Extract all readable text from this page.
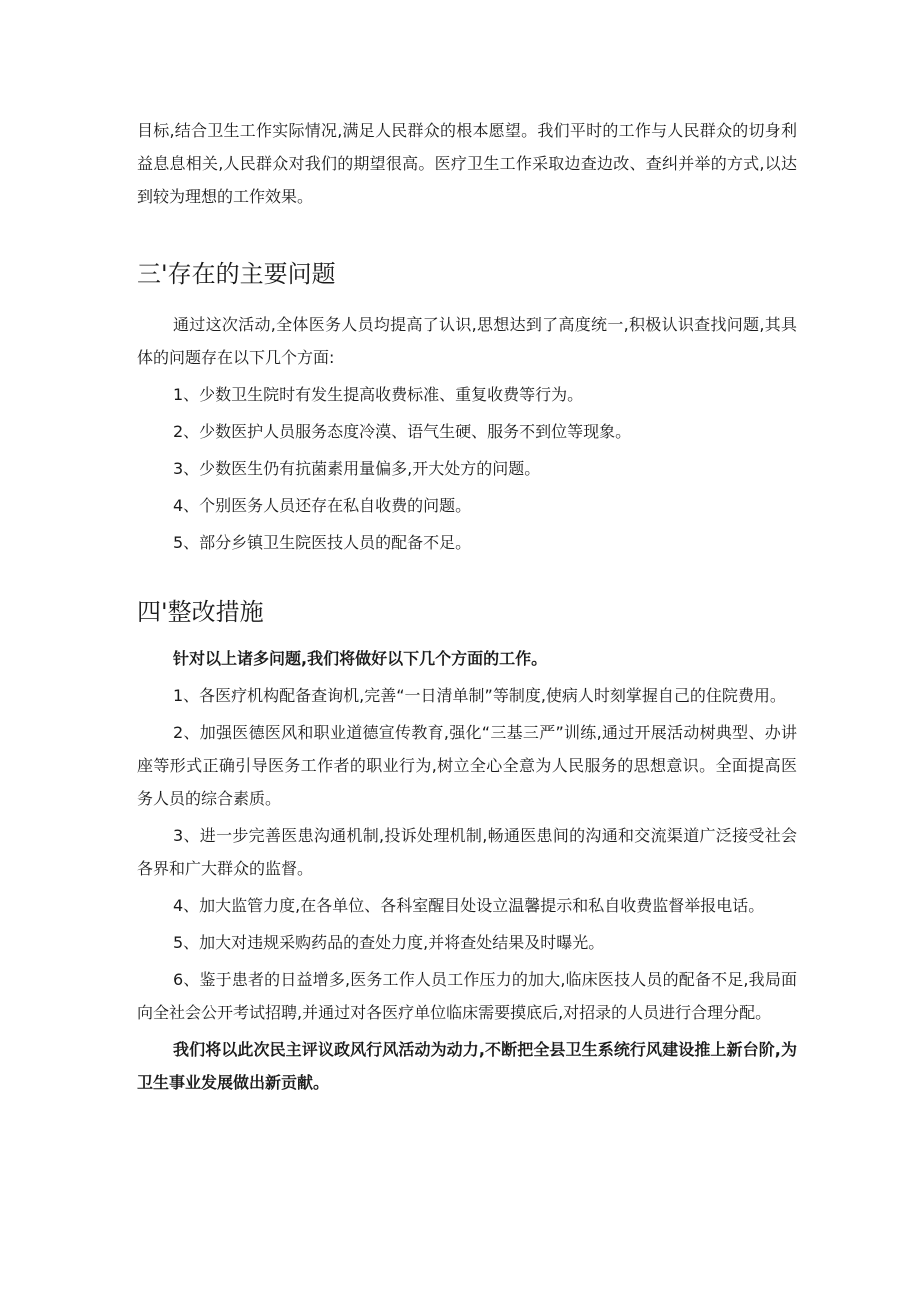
目标,结合卫生工作实际情况,满足人民群众的根本愿望。我们平时的工作与人民群众的切身利益息息相关,人民群众对我们的期望很高。医疗卫生工作采取边查边改、查纠并举的方式,以达到较为理想的工作效果。

三'存在的主要问题

通过这次活动,全体医务人员均提高了认识,思想达到了高度统一,积极认识查找问题,其具体的问题存在以下几个方面:

1、少数卫生院时有发生提高收费标准、重复收费等行为。

2、少数医护人员服务态度冷漠、语气生硬、服务不到位等现象。

3、少数医生仍有抗菌素用量偏多,开大处方的问题。

4、个别医务人员还存在私自收费的问题。

5、部分乡镇卫生院医技人员的配备不足。

四'整改措施

针对以上诸多问题,我们将做好以下几个方面的工作。

1、各医疗机构配备查询机,完善“一日清单制”等制度,使病人时刻掌握自己的住院费用。

2、加强医德医风和职业道德宣传教育,强化“三基三严”训练,通过开展活动树典型、办讲座等形式正确引导医务工作者的职业行为,树立全心全意为人民服务的思想意识。全面提高医务人员的综合素质。

3、进一步完善医患沟通机制,投诉处理机制,畅通医患间的沟通和交流渠道广泛接受社会各界和广大群众的监督。

4、加大监管力度,在各单位、各科室醒目处设立温馨提示和私自收费监督举报电话。

5、加大对违规采购药品的查处力度,并将查处结果及时曝光。

6、鉴于患者的日益增多,医务工作人员工作压力的加大,临床医技人员的配备不足,我局面向全社会公开考试招聘,并通过对各医疗单位临床需要摸底后,对招录的人员进行合理分配。

我们将以此次民主评议政风行风活动为动力,不断把全县卫生系统行风建设推上新台阶,为卫生事业发展做出新贡献。
